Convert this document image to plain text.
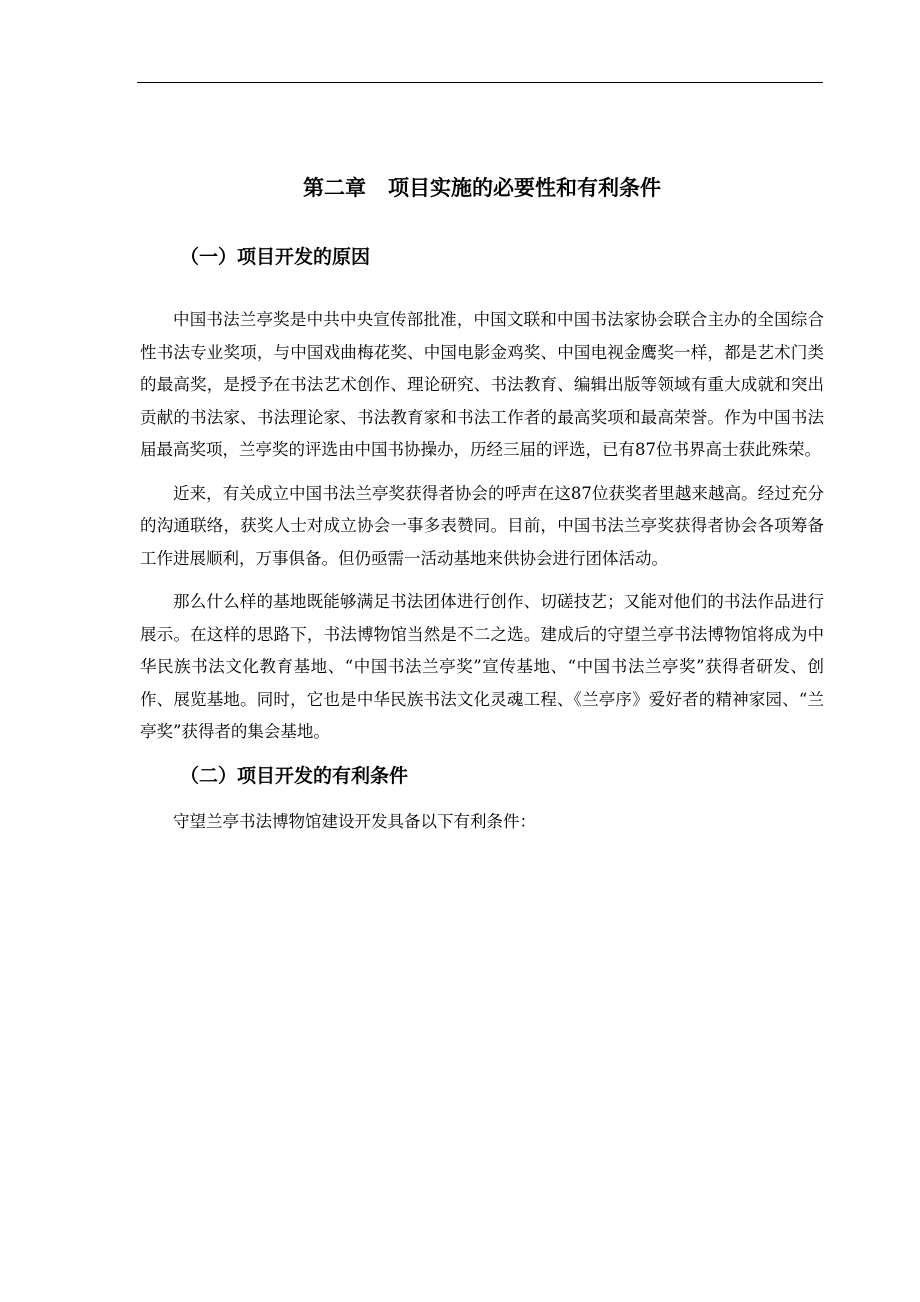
第二章 项目实施的必要性和有利条件
（一）项目开发的原因

中国书法兰亭奖是中共中央宣传部批准，中国文联和中国书法家协会联合主办的全国综合性书法专业奖项，与中国戏曲梅花奖、中国电影金鸡奖、中国电视金鹰奖一样，都是艺术门类的最高奖，是授予在书法艺术创作、理论研究、书法教育、编辑出版等领域有重大成就和突出贡献的书法家、书法理论家、书法教育家和书法工作者的最高奖项和最高荣誉。作为中国书法届最高奖项，兰亭奖的评选由中国书协操办，历经三届的评选，已有87位书界高士获此殊荣。

近来，有关成立中国书法兰亭奖获得者协会的呼声在这87位获奖者里越来越高。经过充分的沟通联络，获奖人士对成立协会一事多表赞同。目前，中国书法兰亭奖获得者协会各项筹备工作进展顺利，万事俱备。但仍亟需一活动基地来供协会进行团体活动。

那么什么样的基地既能够满足书法团体进行创作、切磋技艺；又能对他们的书法作品进行展示。在这样的思路下，书法博物馆当然是不二之选。建成后的守望兰亭书法博物馆将成为中华民族书法文化教育基地、“中国书法兰亭奖”宣传基地、“中国书法兰亭奖”获得者研发、创作、展览基地。同时，它也是中华民族书法文化灵魂工程、《兰亭序》爱好者的精神家园、“兰亭奖”获得者的集会基地。

（二）项目开发的有利条件

守望兰亭书法博物馆建设开发具备以下有利条件：
